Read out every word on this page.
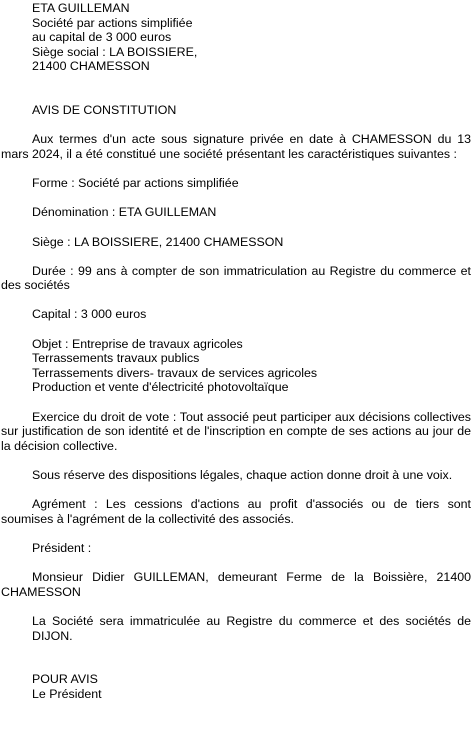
ETA GUILLEMAN
Société par actions simplifiée
au capital de 3 000 euros
Siège social : LA BOISSIERE,
21400 CHAMESSON

AVIS DE CONSTITUTION

Aux termes d'un acte sous signature privée en date à CHAMESSON du 13 mars 2024, il a été constitué une société présentant les caractéristiques suivantes :

Forme : Société par actions simplifiée

Dénomination : ETA GUILLEMAN

Siège : LA BOISSIERE, 21400 CHAMESSON

Durée : 99 ans à compter de son immatriculation au Registre du commerce et des sociétés

Capital : 3 000 euros

Objet : Entreprise de travaux agricoles

Terrassements travaux publics

Terrassements divers- travaux de services agricoles

Production et vente d'électricité photovoltaïque

Exercice du droit de vote : Tout associé peut participer aux décisions collectives sur justification de son identité et de l'inscription en compte de ses actions au jour de la décision collective.

Sous réserve des dispositions légales, chaque action donne droit à une voix.

Agrément : Les cessions d'actions au profit d'associés ou de tiers sont soumises à l'agrément de la collectivité des associés.

Président :

Monsieur Didier GUILLEMAN, demeurant Ferme de la Boissière, 21400 CHAMESSON

La Société sera immatriculée au Registre du commerce et des sociétés de DIJON.

POUR AVIS
Le Président
